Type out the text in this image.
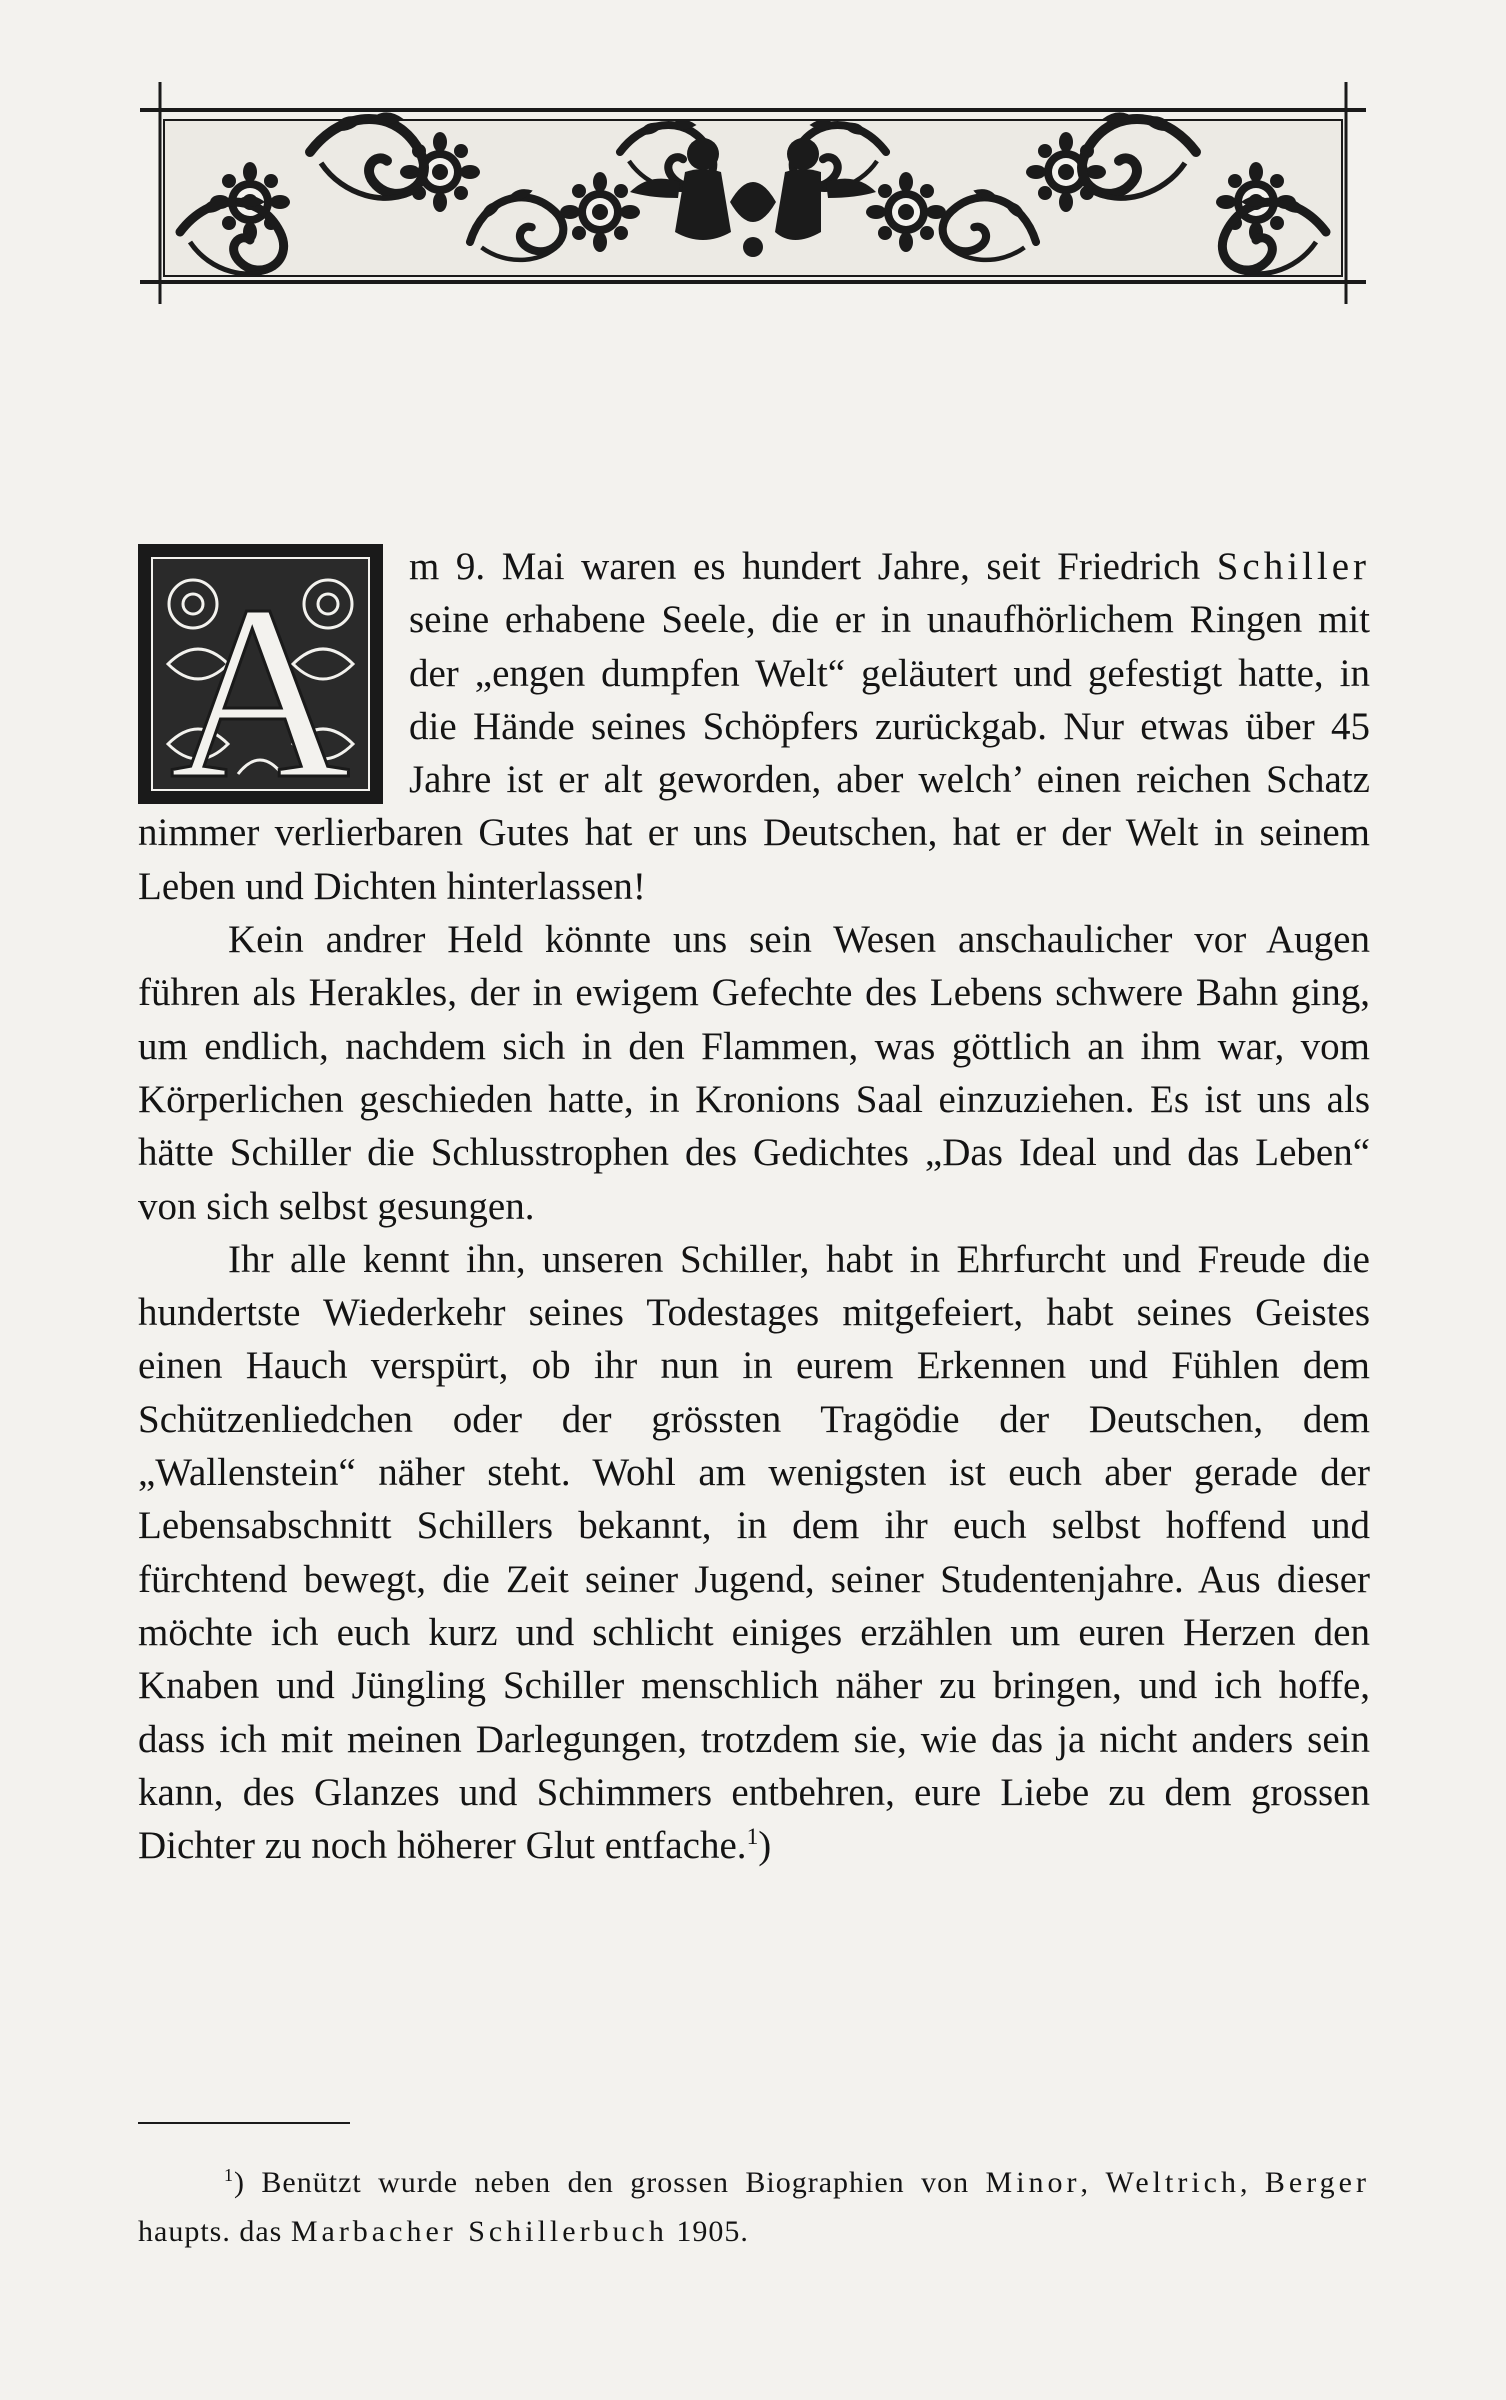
A	m 9. Mai waren es hundert Jahre, seit Friedrich Schiller seine erhabene Seele, die er in unaufhörlichem Ringen mit der „engen dumpfen Welt“ geläutert und gefestigt hatte, in die Hände seines Schöpfers zurückgab. Nur etwas über 45 Jahre ist er alt geworden, aber welch’ einen reichen Schatz nimmer verlierbaren Gutes hat er uns Deutschen, hat er der Welt in seinem Leben und Dichten hinterlassen!

Kein andrer Held könnte uns sein Wesen anschaulicher vor Augen führen als Herakles, der in ewigem Gefechte des Lebens schwere Bahn ging, um endlich, nachdem sich in den Flammen, was göttlich an ihm war, vom Körperlichen geschieden hatte, in Kronions Saal einzuziehen. Es ist uns als hätte Schiller die Schlusstrophen des Gedichtes „Das Ideal und das Leben“ von sich selbst gesungen.

Ihr alle kennt ihn, unseren Schiller, habt in Ehrfurcht und Freude die hundertste Wiederkehr seines Todestages mitgefeiert, habt seines Geistes einen Hauch verspürt, ob ihr nun in eurem Erkennen und Fühlen dem Schützenliedchen oder der grössten Tragödie der Deutschen, dem „Wallenstein“ näher steht. Wohl am wenigsten ist euch aber gerade der Lebensabschnitt Schillers bekannt, in dem ihr euch selbst hoffend und fürchtend bewegt, die Zeit seiner Jugend, seiner Studentenjahre. Aus dieser möchte ich euch kurz und schlicht einiges erzählen um euren Herzen den Knaben und Jüngling Schiller menschlich näher zu bringen, und ich hoffe, dass ich mit meinen Darlegungen, trotzdem sie, wie das ja nicht anders sein kann, des Glanzes und Schimmers entbehren, eure Liebe zu dem grossen Dichter zu noch höherer Glut entfache.$^1$)

$^1$) Benützt wurde neben den grossen Biographien von Minor, Weltrich, Berger haupts. das Marbacher Schillerbuch 1905.
